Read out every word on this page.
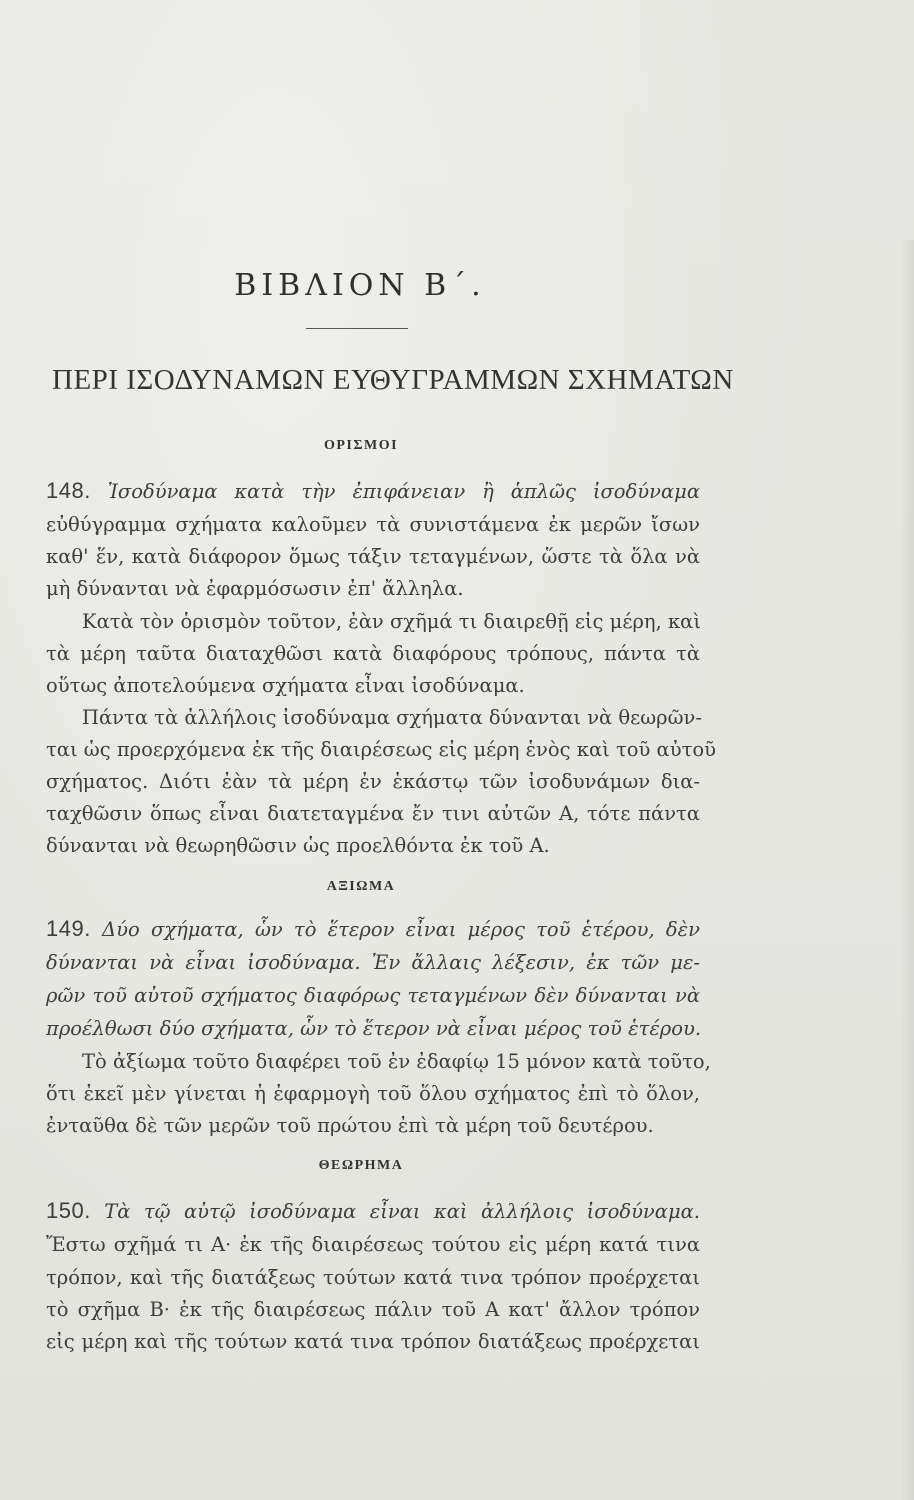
ΒΙΒΛΙΟΝ Β΄.
ΠΕΡΙ ΙΣΟΔΥΝΑΜΩΝ ΕΥΘΥΓΡΑΜΜΩΝ ΣΧΗΜΑΤΩΝ
ΟΡΙΣΜΟΙ
148. Ἰσοδύναμα κατὰ τὴν ἐπιφάνειαν ἢ ἁπλῶς ἰσοδύναμα
εὐθύγραμμα σχήματα καλοῦμεν τὰ συνιστάμενα ἐκ μερῶν ἴσων
καθ' ἕν, κατὰ διάφορον ὅμως τάξιν τεταγμένων, ὥστε τὰ ὅλα νὰ
μὴ δύνανται νὰ ἐφαρμόσωσιν ἐπ' ἄλληλα.
Κατὰ τὸν ὁρισμὸν τοῦτον, ἐὰν σχῆμά τι διαιρεθῇ εἰς μέρη, καὶ
τὰ μέρη ταῦτα διαταχθῶσι κατὰ διαφόρους τρόπους, πάντα τὰ
οὕτως ἀποτελούμενα σχήματα εἶναι ἰσοδύναμα.
Πάντα τὰ ἀλλήλοις ἰσοδύναμα σχήματα δύνανται νὰ θεωρῶν-
ται ὡς προερχόμενα ἐκ τῆς διαιρέσεως εἰς μέρη ἑνὸς καὶ τοῦ αὐτοῦ
σχήματος. Διότι ἐὰν τὰ μέρη ἐν ἑκάστῳ τῶν ἰσοδυνάμων δια-
ταχθῶσιν ὅπως εἶναι διατεταγμένα ἔν τινι αὐτῶν Α, τότε πάντα
δύνανται νὰ θεωρηθῶσιν ὡς προελθόντα ἐκ τοῦ Α.
ΑΞΙΩΜΑ
149. Δύο σχήματα, ὧν τὸ ἕτερον εἶναι μέρος τοῦ ἑτέρου, δὲν
δύνανται νὰ εἶναι ἰσοδύναμα. Ἐν ἄλλαις λέξεσιν, ἐκ τῶν με-
ρῶν τοῦ αὐτοῦ σχήματος διαφόρως τεταγμένων δὲν δύνανται νὰ
προέλθωσι δύο σχήματα, ὧν τὸ ἕτερον νὰ εἶναι μέρος τοῦ ἑτέρου.
Τὸ ἀξίωμα τοῦτο διαφέρει τοῦ ἐν ἐδαφίῳ 15 μόνον κατὰ τοῦτο,
ὅτι ἐκεῖ μὲν γίνεται ἡ ἐφαρμογὴ τοῦ ὅλου σχήματος ἐπὶ τὸ ὅλον,
ἐνταῦθα δὲ τῶν μερῶν τοῦ πρώτου ἐπὶ τὰ μέρη τοῦ δευτέρου.
ΘΕΩΡΗΜΑ
150. Τὰ τῷ αὐτῷ ἰσοδύναμα εἶναι καὶ ἀλλήλοις ἰσοδύναμα.
Ἔστω σχῆμά τι Α· ἐκ τῆς διαιρέσεως τούτου εἰς μέρη κατά τινα
τρόπον, καὶ τῆς διατάξεως τούτων κατά τινα τρόπον προέρχεται
τὸ σχῆμα Β· ἐκ τῆς διαιρέσεως πάλιν τοῦ Α κατ' ἄλλον τρόπον
εἰς μέρη καὶ τῆς τούτων κατά τινα τρόπον διατάξεως προέρχεται
